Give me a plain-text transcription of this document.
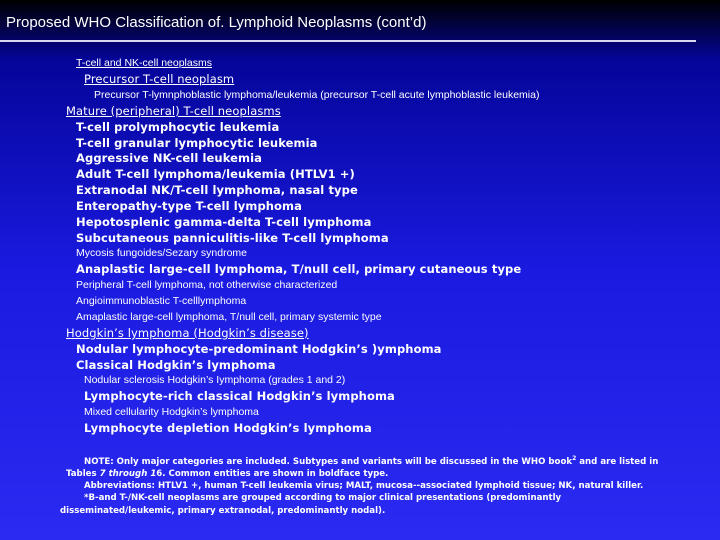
Proposed WHO Classification of. Lymphoid Neoplasms (cont’d)
T-cell and NK-cell neoplasms
Precursor T-cell neoplasm
Precursor T-lymnphoblastic lymphoma/leukemia (precursor T-cell acute lymphoblastic leukemia)
Mature (peripheral) T-cell neoplasms
T-cell prolymphocytic leukemia
T-cell granular lymphocytic leukemia
Aggressive NK-cell leukemia
Adult T-cell lymphoma/leukemia (HTLV1 +)
Extranodal NK/T-cell lymphoma, nasal type
Enteropathy-type T-cell lymphoma
Hepotosplenic gamma-delta T-cell lymphoma
Subcutaneous panniculitis-like T-cell lymphoma
Mycosis fungoides/Sezary syndrome
Anaplastic large-cell lymphoma, T/null cell, primary cutaneous type
Peripheral T-cell lymphoma, not otherwise characterized
Angioimmunoblastic T-celllymphoma
Amaplastic large-cell lymphoma, T/null cell, primary systemic type
Hodgkin’s lymphoma (Hodgkin’s disease)
Nodular lymphocyte-predominant Hodgkin’s )ymphoma
Classical Hodgkin’s lymphoma
Nodular sclerosis Hodgkin’s Iymphoma (grades 1 and 2)
Lymphocyte-rich classical Hodgkin’s lymphoma
Mixed cellularity Hodgkin’s lymphoma
Lymphocyte depletion Hodgkin’s lymphoma

NOTE: Only major categories are included. Subtypes and variants will be discussed in the WHO book$^2$ and are listed in

Tables 7 through 16. Common entities are shown in boldface type.

Abbreviations: HTLV1 +, human T-cell leukemia virus; MALT, mucosa--associated lymphoid tissue; NK, natural killer.

*B-and T-/NK-cell neoplasms are grouped according to major clinical presentations (predominantly

disseminated/leukemic, primary extranodal, predominantly nodal).
